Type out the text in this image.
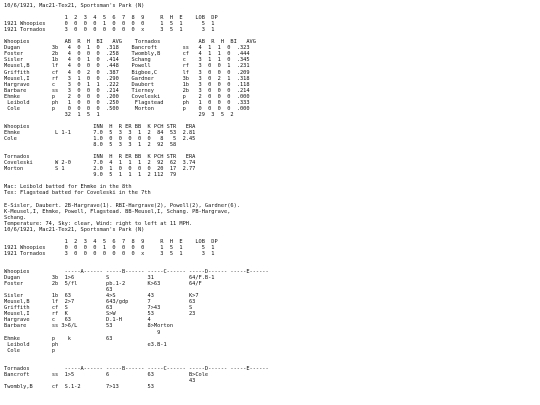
10/6/1921, Mac21-Tex21, Sportsman's Park (N)

1  2  3  4  5  6  7  8  9     R  H  E    LOB  DP
1921 Whoopies      0  0  0  0  1  0  0  0  0     1  5  1      5  1
1921 Tornados      3  0  0  0  0  0  0  0  x     3  5  1      3  1

Whoopies           AB  R  H  BI   AVG    Tornados            AB  R  H  BI   AVG
Dugan          3b   4  0  1  0  .318    Bancroft        ss   4  1  1  0  .323
Foster         2b   4  0  0  0  .258    Twombly,B       cf   4  1  1  0  .444
Sisler         1b   4  0  1  0  .414    Schang          c    3  1  1  0  .345
Meusel,B       lf   4  0  0  0  .448    Powell          rf   3  0  0  1  .231
Griffith       cf   4  0  2  0  .387    Bigbee,C        lf   3  0  0  0  .209
Meusel,I       rf   3  1  0  0  .290    Gardner         3b   3  0  2  1  .318
Hargrave       c    3  0  1  1  .222    Daubert         1b   3  0  0  0  .118
Barbare        ss   3  0  0  0  .214    Tierney         2b   3  0  0  0  .214
Ehmke          p    2  0  0  0  .200    Coveleski       p    2  0  0  0  .000
Leibold       ph   1  0  0  0  .250     Flagstead      ph   1  0  0  0  .333
Cole          p    0  0  0  0  .500     Morton         p    0  0  0  0  .000
32  1  5  1                               29  3  5  2

Whoopies                    INN  H  R ER BB  K PCH STR   ERA
Ehmke           L 1-1       7.0  5  3  3  1  2  84  53  2.81
Cole                        1.0  0  0  0  0  0   8   5  2.45
8.0  5  3  3  1  2  92  58

Tornados                    INN  H  R ER BB  K PCH STR   ERA
Coveleski       W 2-0       7.0  4  1  1  1  2  92  62  3.74
Morton          S 1         2.0  1  0  0  0  0  20  17  2.77
9.0  5  1  1  1  2 112  79

Mac: Leibold batted for Ehmke in the 8th
Tex: Flagstead batted for Coveleski in the 7th

E-Sisler, Daubert. 2B-Hargrave(1). RBI-Hargrave(2), Powell(2), Gardner(6).
K-Meusel,I, Ehmke, Powell, Flagstead. BB-Meusel,I, Schang. PB-Hargrave,
Schang.
Temperature: 74, Sky: clear, Wind: right to left at 11 MPH.
10/6/1921, Mac21-Tex21, Sportsman's Park (N)

1  2  3  4  5  6  7  8  9     R  H  E    LOB  DP
1921 Whoopies      0  0  0  0  1  0  0  0  0     1  5  1      5  1
1921 Tornados      3  0  0  0  0  0  0  0  x     3  5  1      3  1

Whoopies           -----A------ -----B------ -----C------ -----D------ -----E------
Dugan          3b  1>6          S            31           64/F.B-1
Foster         2b  5/fl         pb.1-2       K>63         64/F
63
Sisler         1b  63           4>S          43           K>7
Meusel,B       lf  2>7          643/gdp      7            63
Griffith       cf  S            63           7>43         S
Meusel,I       rf  K            S>W          53           23
Hargrave       c   63           D.1-H        4
Barbare        ss 3>6/L         53           8>Morton
9
Ehmke          p    k           63
Leibold       ph                            e3.B-1
Cole          p

Tornados           -----A------ -----B------ -----C------ -----D------ -----E------
Bancroft       ss  1>5          6            63           B>Cole
43
Twombly,B      cf  S.1-2        7>13         53
